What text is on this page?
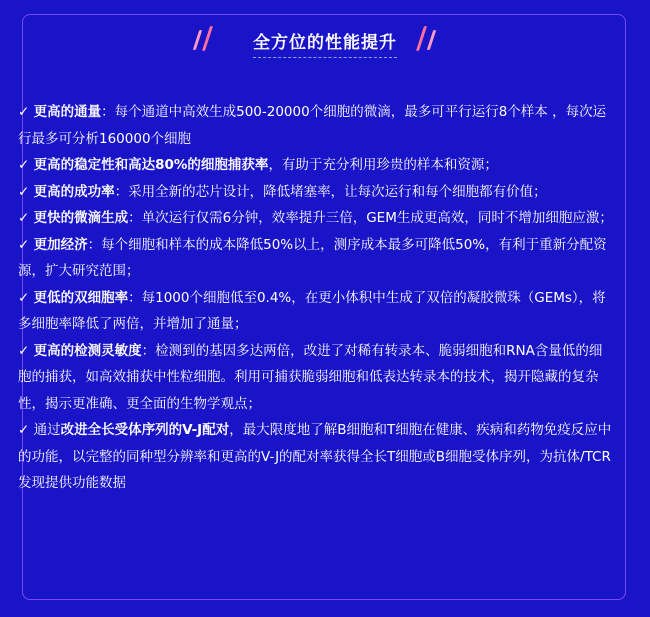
全方位的性能提升

✓ 更高的通量：每个通道中高效生成500-20000个细胞的微滴，最多可平行运行8个样本 ，每次运行最多可分析160000个细胞

✓ 更高的稳定性和高达80%的细胞捕获率，有助于充分利用珍贵的样本和资源；

✓ 更高的成功率：采用全新的芯片设计，降低堵塞率，让每次运行和每个细胞都有价值；

✓ 更快的微滴生成：单次运行仅需6分钟，效率提升三倍，GEM生成更高效，同时不增加细胞应激；

✓ 更加经济：每个细胞和样本的成本降低50%以上，测序成本最多可降低50%，有利于重新分配资源，扩大研究范围；

✓ 更低的双细胞率：每1000个细胞低至0.4%，在更小体积中生成了双倍的凝胶微珠（GEMs），将多细胞率降低了两倍，并增加了通量；

✓ 更高的检测灵敏度：检测到的基因多达两倍，改进了对稀有转录本、脆弱细胞和RNA含量低的细胞的捕获，如高效捕获中性粒细胞。利用可捕获脆弱细胞和低表达转录本的技术，揭开隐藏的复杂性，揭示更准确、更全面的生物学观点；

✓ 通过改进全长受体序列的V-J配对，最大限度地了解B细胞和T细胞在健康、疾病和药物免疫反应中的功能，以完整的同种型分辨率和更高的V-J的配对率获得全长T细胞或B细胞受体序列，为抗体/TCR发现提供功能数据
